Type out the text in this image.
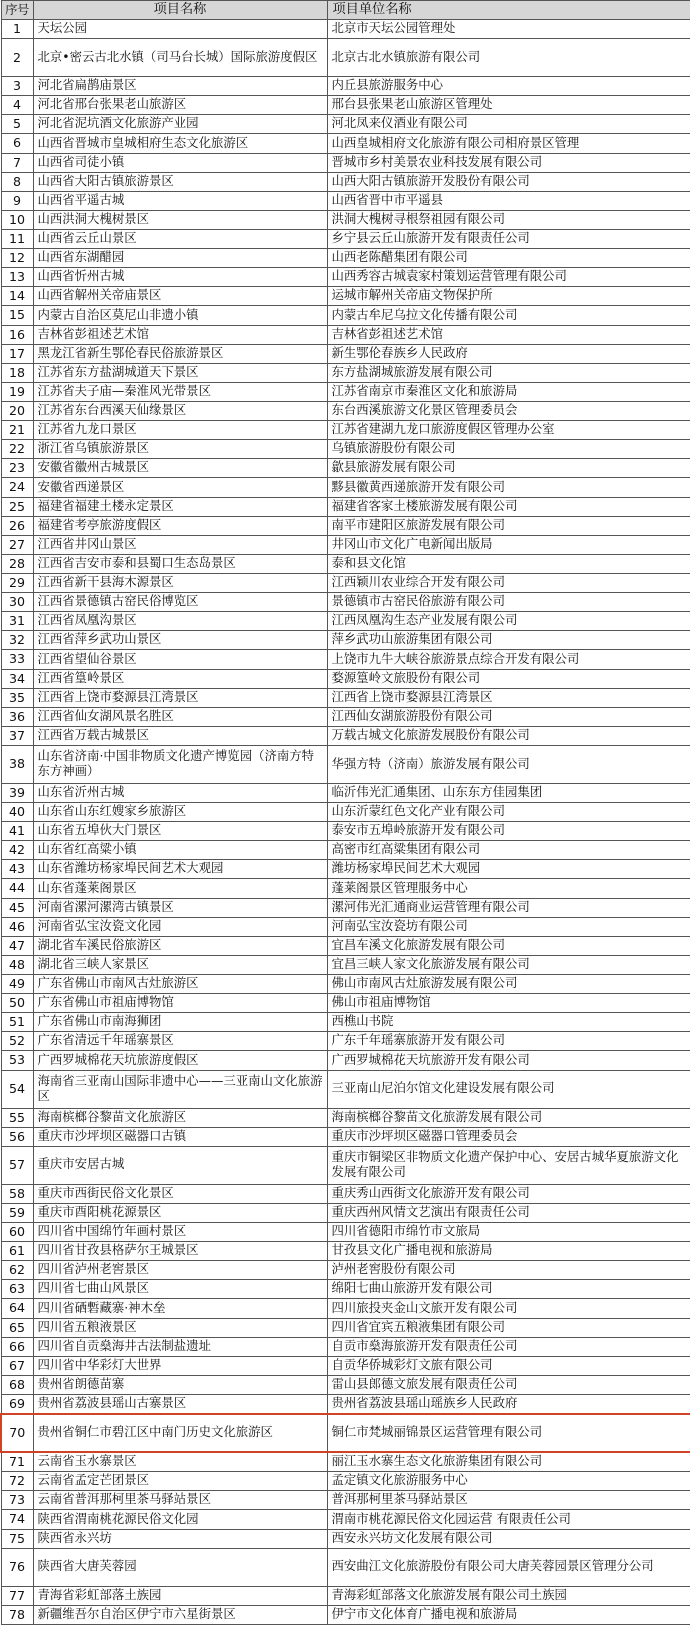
序号	项目名称	项目单位名称
1	天坛公园	北京市天坛公园管理处
2	北京•密云古北水镇（司马台长城）国际旅游度假区	北京古北水镇旅游有限公司
3	河北省扁鹊庙景区	内丘县旅游服务中心
4	河北省邢台张果老山旅游区	邢台县张果老山旅游区管理处
5	河北省泥坑酒文化旅游产业园	河北凤来仪酒业有限公司
6	山西省晋城市皇城相府生态文化旅游区	山西皇城相府文化旅游有限公司相府景区管理
7	山西省司徒小镇	晋城市乡村美景农业科技发展有限公司
8	山西省大阳古镇旅游景区	山西大阳古镇旅游开发股份有限公司
9	山西省平遥古城	山西省晋中市平遥县
10	山西洪洞大槐树景区	洪洞大槐树寻根祭祖园有限公司
11	山西省云丘山景区	乡宁县云丘山旅游开发有限责任公司
12	山西省东湖醋园	山西老陈醋集团有限公司
13	山西省忻州古城	山西秀容古城袁家村策划运营管理有限公司
14	山西省解州关帝庙景区	运城市解州关帝庙文物保护所
15	内蒙古自治区莫尼山非遗小镇	内蒙古牟尼乌拉文化传播有限公司
16	吉林省彭祖述艺术馆	吉林省彭祖述艺术馆
17	黑龙江省新生鄂伦春民俗旅游景区	新生鄂伦春族乡人民政府
18	江苏省东方盐湖城道天下景区	东方盐湖城旅游发展有限公司
19	江苏省夫子庙—秦淮风光带景区	江苏省南京市秦淮区文化和旅游局
20	江苏省东台西溪天仙缘景区	东台西溪旅游文化景区管理委员会
21	江苏省九龙口景区	江苏省建湖九龙口旅游度假区管理办公室
22	浙江省乌镇旅游景区	乌镇旅游股份有限公司
23	安徽省徽州古城景区	歙县旅游发展有限公司
24	安徽省西递景区	黟县徽黄西递旅游开发有限公司
25	福建省福建土楼永定景区	福建省客家土楼旅游发展有限公司
26	福建省考亭旅游度假区	南平市建阳区旅游发展有限公司
27	江西省井冈山景区	井冈山市文化广电新闻出版局
28	江西省吉安市泰和县蜀口生态岛景区	泰和县文化馆
29	江西省新干县海木源景区	江西颖川农业综合开发有限公司
30	江西省景德镇古窑民俗博览区	景德镇市古窑民俗旅游有限公司
31	江西省凤凰沟景区	江西凤凰沟生态产业发展有限公司
32	江西省萍乡武功山景区	萍乡武功山旅游集团有限公司
33	江西省望仙谷景区	上饶市九牛大峡谷旅游景点综合开发有限公司
34	江西省篁岭景区	婺源篁岭文旅股份有限公司
35	江西省上饶市婺源县江湾景区	江西省上饶市婺源县江湾景区
36	江西省仙女湖风景名胜区	江西仙女湖旅游股份有限公司
37	江西省万载古城景区	万载古城文化旅游发展股份有限公司
38	山东省济南·中国非物质文化遗产博览园（济南方特东方神画）	华强方特（济南）旅游发展有限公司
39	山东省沂州古城	临沂伟光汇通集团、山东东方佳园集团
40	山东省山东红嫂家乡旅游区	山东沂蒙红色文化产业有限公司
41	山东省五埠伙大门景区	泰安市五埠岭旅游开发有限公司
42	山东省红高粱小镇	高密市红高粱集团有限公司
43	山东省潍坊杨家埠民间艺术大观园	潍坊杨家埠民间艺术大观园
44	山东省蓬莱阁景区	蓬莱阁景区管理服务中心
45	河南省漯河漯湾古镇景区	漯河伟光汇通商业运营管理有限公司
46	河南省弘宝汝瓷文化园	河南弘宝汝瓷坊有限公司
47	湖北省车溪民俗旅游区	宜昌车溪文化旅游发展有限公司
48	湖北省三峡人家景区	宜昌三峡人家文化旅游发展有限公司
49	广东省佛山市南风古灶旅游区	佛山市南风古灶旅游发展有限公司
50	广东省佛山市祖庙博物馆	佛山市祖庙博物馆
51	广东省佛山市南海狮团	西樵山书院
52	广东省清远千年瑶寨景区	广东千年瑶寨旅游开发有限公司
53	广西罗城棉花天坑旅游度假区	广西罗城棉花天坑旅游开发有限公司
54	海南省三亚南山国际非遗中心——三亚南山文化旅游区	三亚南山尼泊尔馆文化建设发展有限公司
55	海南槟榔谷黎苗文化旅游区	海南槟榔谷黎苗文化旅游发展有限公司
56	重庆市沙坪坝区磁器口古镇	重庆市沙坪坝区磁器口管理委员会
57	重庆市安居古城	重庆市铜梁区非物质文化遗产保护中心、安居古城华夏旅游文化发展有限公司
58	重庆市西街民俗文化景区	重庆秀山西街文化旅游开发有限公司
59	重庆市酉阳桃花源景区	重庆西州风情文艺演出有限责任公司
60	四川省中国绵竹年画村景区	四川省德阳市绵竹市文旅局
61	四川省甘孜县格萨尔王城景区	甘孜县文化广播电视和旅游局
62	四川省泸州老窖景区	泸州老窖股份有限公司
63	四川省七曲山风景区	绵阳七曲山旅游开发有限公司
64	四川省硒磛藏寨·神木垒	四川旅投夹金山文旅开发有限公司
65	四川省五粮液景区	四川省宜宾五粮液集团有限公司
66	四川省自贡燊海井古法制盐遗址	自贡市燊海旅游开发有限责任公司
67	四川省中华彩灯大世界	自贡华侨城彩灯文旅有限公司
68	贵州省朗德苗寨	雷山县郎德文旅发展有限责任公司
69	贵州省荔波县瑶山古寨景区	贵州省荔波县瑶山瑶族乡人民政府
70	贵州省铜仁市碧江区中南门历史文化旅游区	铜仁市梵城丽锦景区运营管理有限公司
71	云南省玉水寨景区	丽江玉水寨生态文化旅游集团有限公司
72	云南省孟定芒团景区	孟定镇文化旅游服务中心
73	云南省普洱那柯里茶马驿站景区	普洱那柯里茶马驿站景区
74	陕西省渭南桃花源民俗文化园	渭南市桃花源民俗文化园运营 有限责任公司
75	陕西省永兴坊	西安永兴坊文化发展有限公司
76	陕西省大唐芙蓉园	西安曲江文化旅游股份有限公司大唐芙蓉园景区管理分公司
77	青海省彩虹部落土族园	青海彩虹部落文化旅游发展有限公司土族园
78	新疆维吾尔自治区伊宁市六星街景区	伊宁市文化体育广播电视和旅游局
